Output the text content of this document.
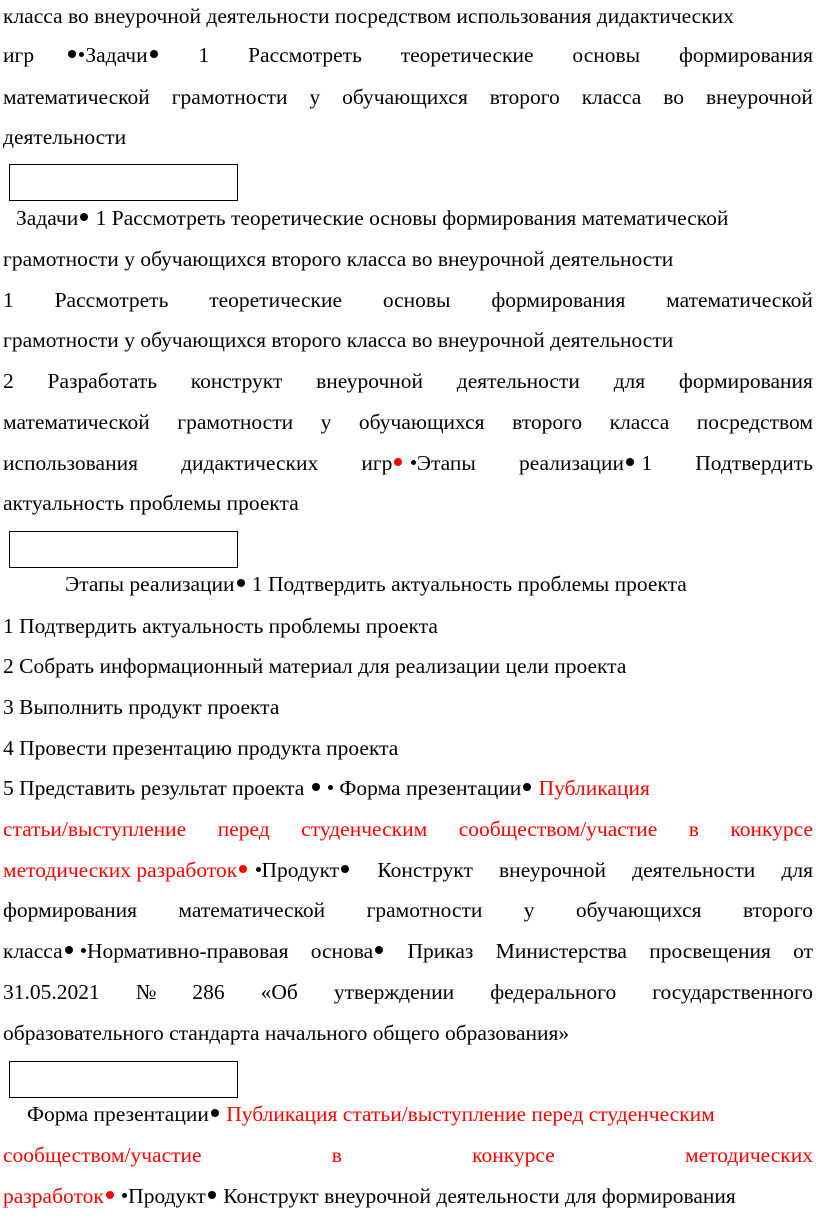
класса во внеурочной деятельности посредством использования дидактических
игр Задачи	1 Рассмотреть теоретические основы формирования
математической грамотности у обучающихся второго класса во внеурочной
деятельности
Задачи 1 Рассмотреть теоретические основы формирования математической
грамотности у обучающихся второго класса во внеурочной деятельности
1 Рассмотреть теоретические основы формирования математической
грамотности у обучающихся второго класса во внеурочной деятельности
2 Разработать конструкт внеурочной деятельности для формирования
математической грамотности у обучающихся второго класса посредством
использования дидактических игр Этапы реализации 1 Подтвердить
актуальность проблемы проекта
Этапы реализации 1 Подтвердить актуальность проблемы проекта
1 Подтвердить актуальность проблемы проекта
2 Собрать информационный материал для реализации цели проекта
3 Выполнить продукт проекта
4 Провести презентацию продукта проекта
5 Представить результат проекта Форма презентации Публикация
статьи/выступление перед студенческим сообществом/участие в конкурсе
методических разработок Продукт	Конструкт внеурочной деятельности для
формирования математической грамотности у обучающихся второго
класса Нормативно-правовая основа	Приказ Министерства просвещения от
31.05.2021 № 286 «Об утверждении федерального государственного
образовательного стандарта начального общего образования»
Форма презентации Публикация статьи/выступление перед студенческим
сообществом/участие	в	конкурсе	методических
разработок Продукт Конструкт внеурочной деятельности для формирования
